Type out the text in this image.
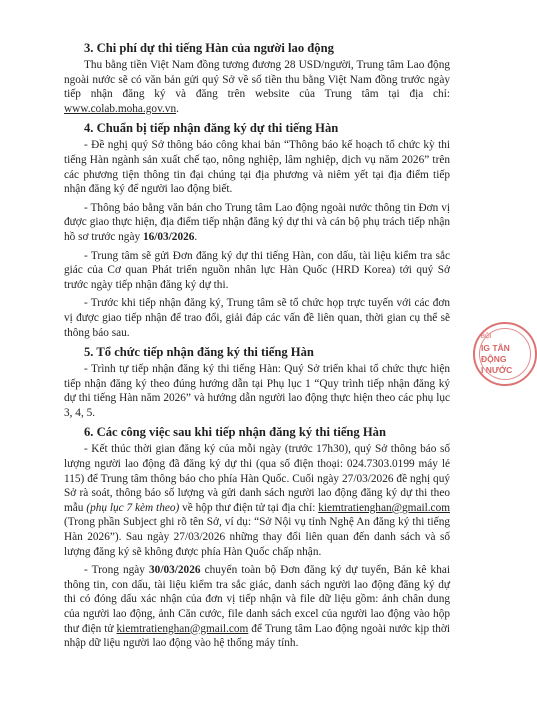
3. Chi phí dự thi tiếng Hàn của người lao động

Thu bằng tiền Việt Nam đồng tương đương 28 USD/người, Trung tâm Lao động ngoài nước sẽ có văn bản gửi quý Sở về số tiền thu bằng Việt Nam đồng trước ngày tiếp nhận đăng ký và đăng trên website của Trung tâm tại địa chỉ: www.colab.moha.gov.vn.

4. Chuẩn bị tiếp nhận đăng ký dự thi tiếng Hàn

- Đề nghị quý Sở thông báo công khai bản “Thông báo kế hoạch tổ chức kỳ thi tiếng Hàn ngành sản xuất chế tạo, nông nghiệp, lâm nghiệp, dịch vụ năm 2026” trên các phương tiện thông tin đại chúng tại địa phương và niêm yết tại địa điểm tiếp nhận đăng ký để người lao động biết.

- Thông báo bằng văn bản cho Trung tâm Lao động ngoài nước thông tin Đơn vị được giao thực hiện, địa điểm tiếp nhận đăng ký dự thi và cán bộ phụ trách tiếp nhận hồ sơ trước ngày 16/03/2026.

- Trung tâm sẽ gửi Đơn đăng ký dự thi tiếng Hàn, con dấu, tài liệu kiểm tra sắc giác của Cơ quan Phát triển nguồn nhân lực Hàn Quốc (HRD Korea) tới quý Sở trước ngày tiếp nhận đăng ký dự thi.

- Trước khi tiếp nhận đăng ký, Trung tâm sẽ tổ chức họp trực tuyến với các đơn vị được giao tiếp nhận để trao đổi, giải đáp các vấn đề liên quan, thời gian cụ thể sẽ thông báo sau.

5. Tổ chức tiếp nhận đăng ký thi tiếng Hàn

- Trình tự tiếp nhận đăng ký thi tiếng Hàn: Quý Sở triển khai tổ chức thực hiện tiếp nhận đăng ký theo đúng hướng dẫn tại Phụ lục 1 “Quy trình tiếp nhận đăng ký dự thi tiếng Hàn năm 2026” và hướng dẫn người lao động thực hiện theo các phụ lục 3, 4, 5.

6. Các công việc sau khi tiếp nhận đăng ký thi tiếng Hàn

- Kết thúc thời gian đăng ký của mỗi ngày (trước 17h30), quý Sở thông báo số lượng người lao động đã đăng ký dự thi (qua số điện thoại: 024.7303.0199 máy lẻ 115) để Trung tâm thông báo cho phía Hàn Quốc. Cuối ngày 27/03/2026 đề nghị quý Sở rà soát, thông báo số lượng và gửi danh sách người lao động đăng ký dự thi theo mẫu (phụ lục 7 kèm theo) về hộp thư điện tử tại địa chỉ: kiemtratienghan@gmail.com (Trong phần Subject ghi rõ tên Sở, ví dụ: “Sở Nội vụ tỉnh Nghệ An đăng ký thi tiếng Hàn 2026”). Sau ngày 27/03/2026 những thay đổi liên quan đến danh sách và số lượng đăng ký sẽ không được phía Hàn Quốc chấp nhận.

- Trong ngày 30/03/2026 chuyển toàn bộ Đơn đăng ký dự tuyển, Bản kê khai thông tin, con dấu, tài liệu kiểm tra sắc giác, danh sách người lao động đăng ký dự thi có đóng dấu xác nhận của đơn vị tiếp nhận và file dữ liệu gồm: ảnh chân dung của người lao động, ảnh Căn cước, file danh sách excel của người lao động vào hộp thư điện tử kiemtratienghan@gmail.com để Trung tâm Lao động ngoài nước kịp thời nhập dữ liệu người lao động vào hệ thống máy tính.

BỘI
IG TÂN
ĐỘNG
I NƯỚC
